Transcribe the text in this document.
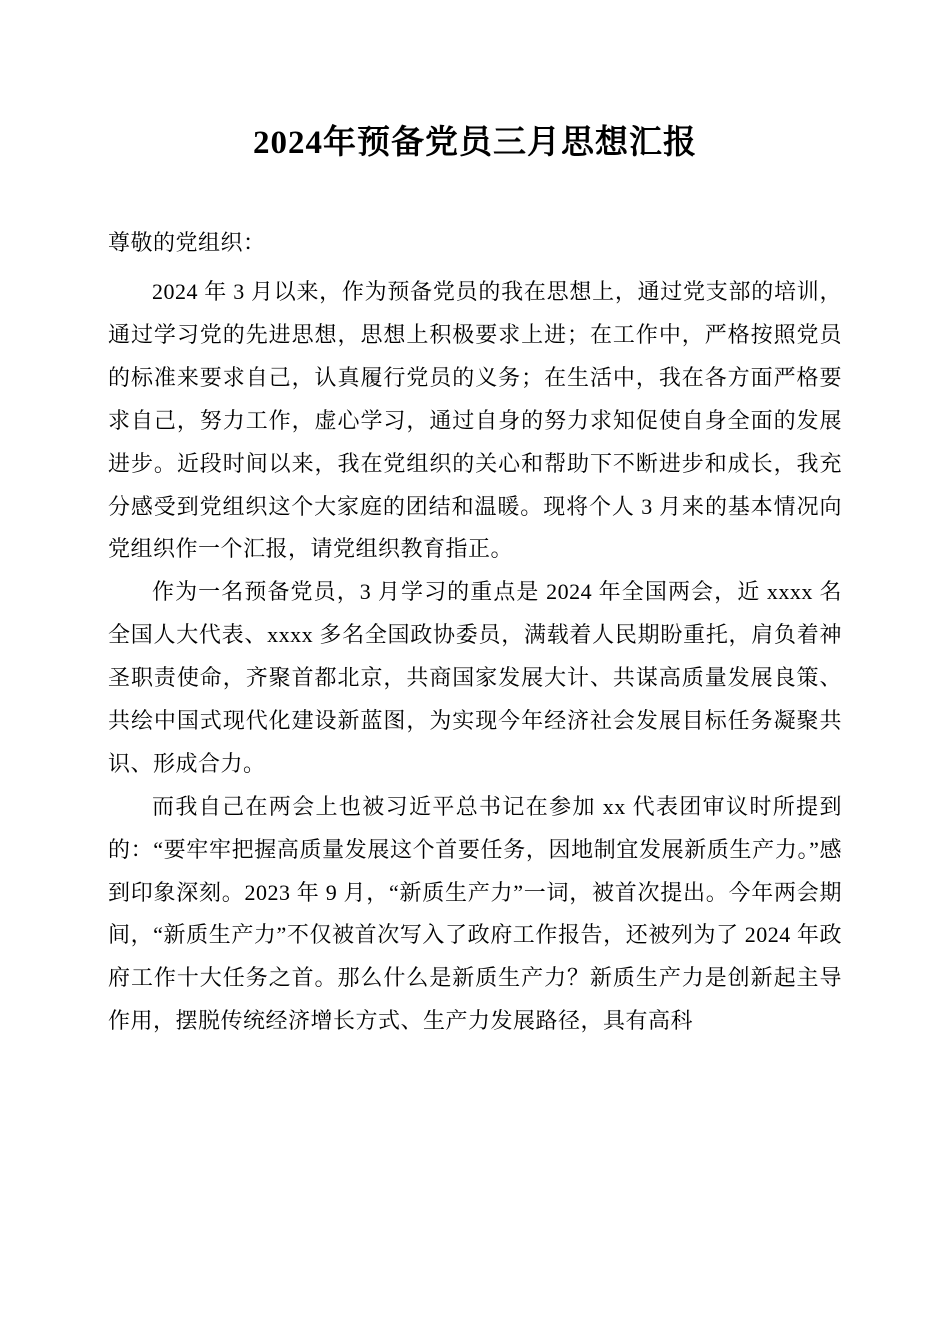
2024年预备党员三月思想汇报

尊敬的党组织：

2024 年 3 月以来，作为预备党员的我在思想上，通过党支部的培训，通过学习党的先进思想，思想上积极要求上进；在工作中，严格按照党员的标准来要求自己，认真履行党员的义务；在生活中，我在各方面严格要求自己，努力工作，虚心学习，通过自身的努力求知促使自身全面的发展进步。近段时间以来，我在党组织的关心和帮助下不断进步和成长，我充分感受到党组织这个大家庭的团结和温暖。现将个人 3 月来的基本情况向党组织作一个汇报，请党组织教育指正。

作为一名预备党员，3 月学习的重点是 2024 年全国两会，近 xxxx 名全国人大代表、xxxx 多名全国政协委员，满载着人民期盼重托，肩负着神圣职责使命，齐聚首都北京，共商国家发展大计、共谋高质量发展良策、共绘中国式现代化建设新蓝图，为实现今年经济社会发展目标任务凝聚共识、形成合力。

而我自己在两会上也被习近平总书记在参加 xx 代表团审议时所提到的：“要牢牢把握高质量发展这个首要任务，因地制宜发展新质生产力。”感到印象深刻。2023 年 9 月，“新质生产力”一词，被首次提出。今年两会期间，“新质生产力”不仅被首次写入了政府工作报告，还被列为了 2024 年政府工作十大任务之首。那么什么是新质生产力？新质生产力是创新起主导作用，摆脱传统经济增长方式、生产力发展路径，具有高科
